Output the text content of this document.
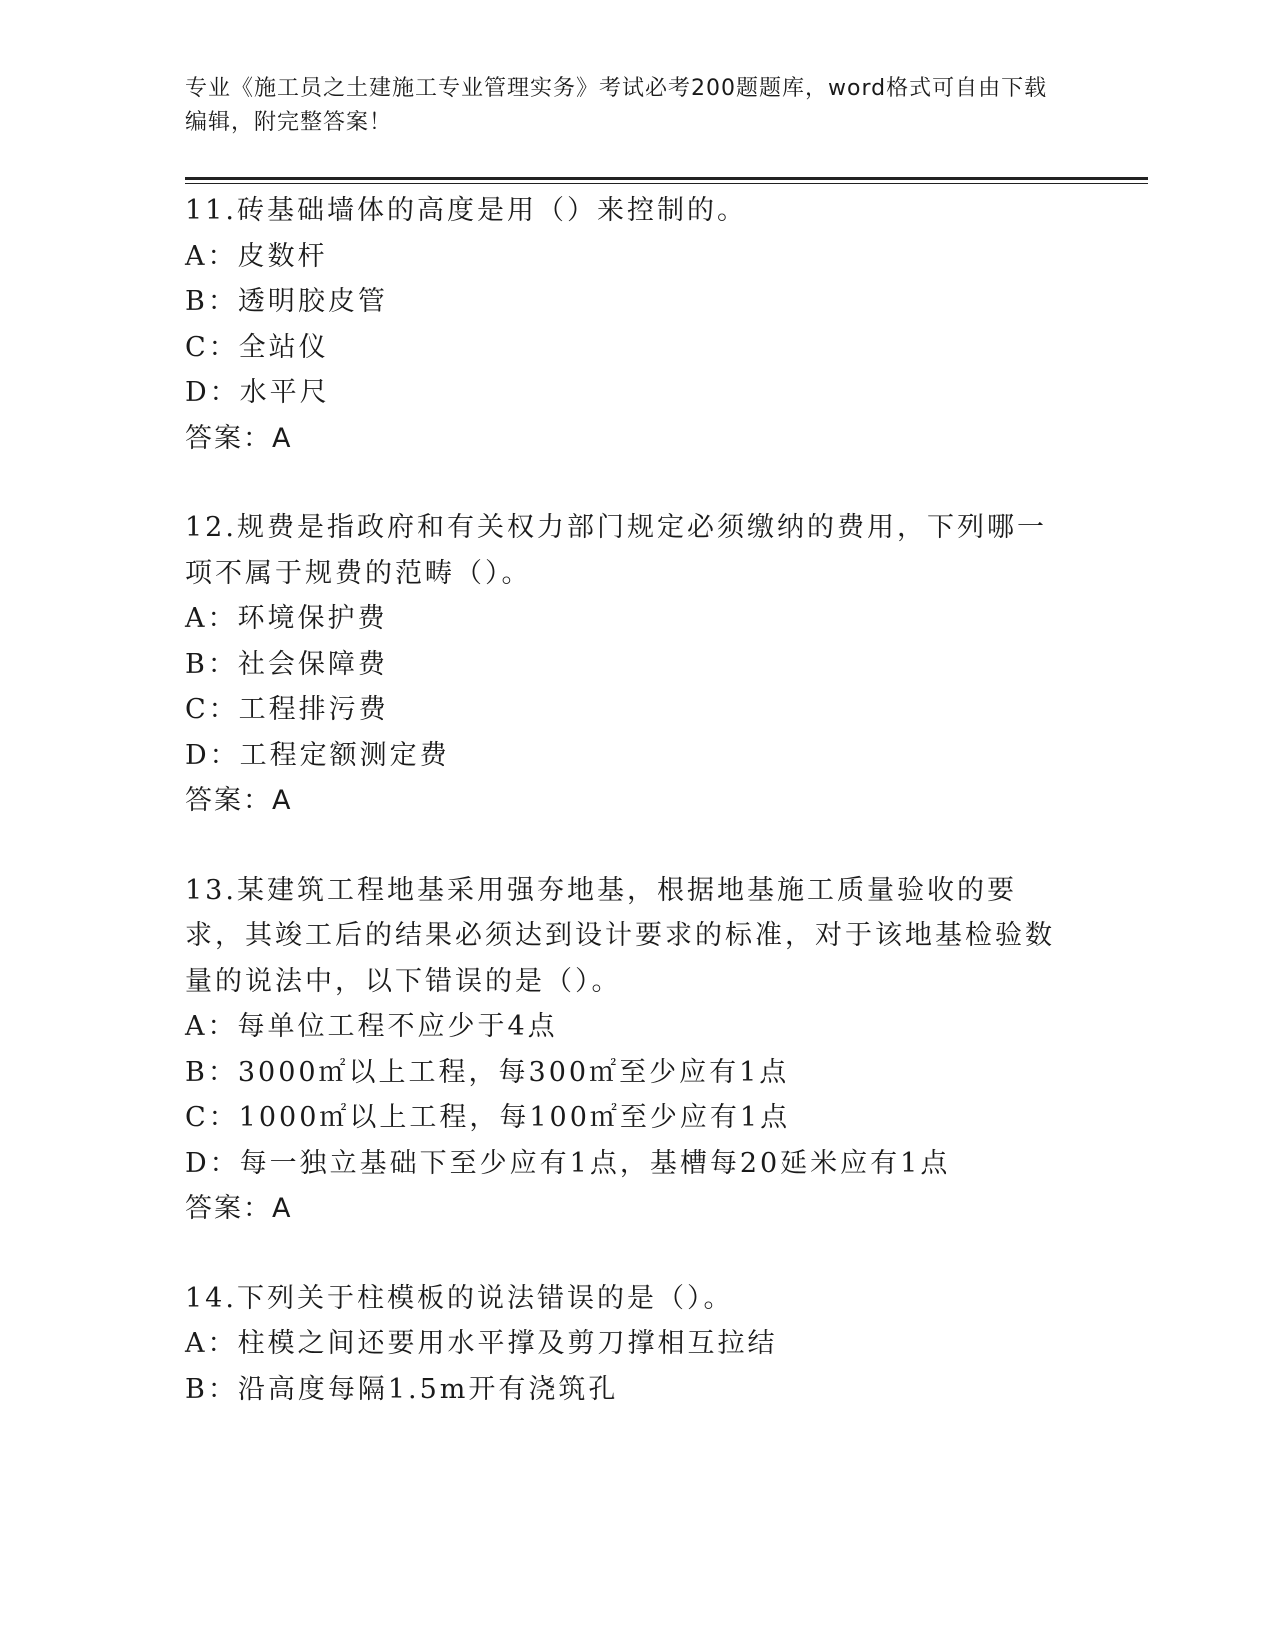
专业《施工员之土建施工专业管理实务》考试必考200题题库，word格式可自由下载编辑，附完整答案！
11.砖基础墙体的高度是用（）来控制的。
A：皮数杆
B：透明胶皮管
C：全站仪
D：水平尺
答案：A
12.规费是指政府和有关权力部门规定必须缴纳的费用，下列哪一项不属于规费的范畴（）。
A：环境保护费
B：社会保障费
C：工程排污费
D：工程定额测定费
答案：A
13.某建筑工程地基采用强夯地基，根据地基施工质量验收的要求，其竣工后的结果必须达到设计要求的标准，对于该地基检验数量的说法中，以下错误的是（）。
A：每单位工程不应少于4点
B：3000㎡以上工程，每300㎡至少应有1点
C：1000㎡以上工程，每100㎡至少应有1点
D：每一独立基础下至少应有1点，基槽每20延米应有1点
答案：A
14.下列关于柱模板的说法错误的是（）。
A：柱模之间还要用水平撑及剪刀撑相互拉结
B：沿高度每隔1.5m开有浇筑孔
